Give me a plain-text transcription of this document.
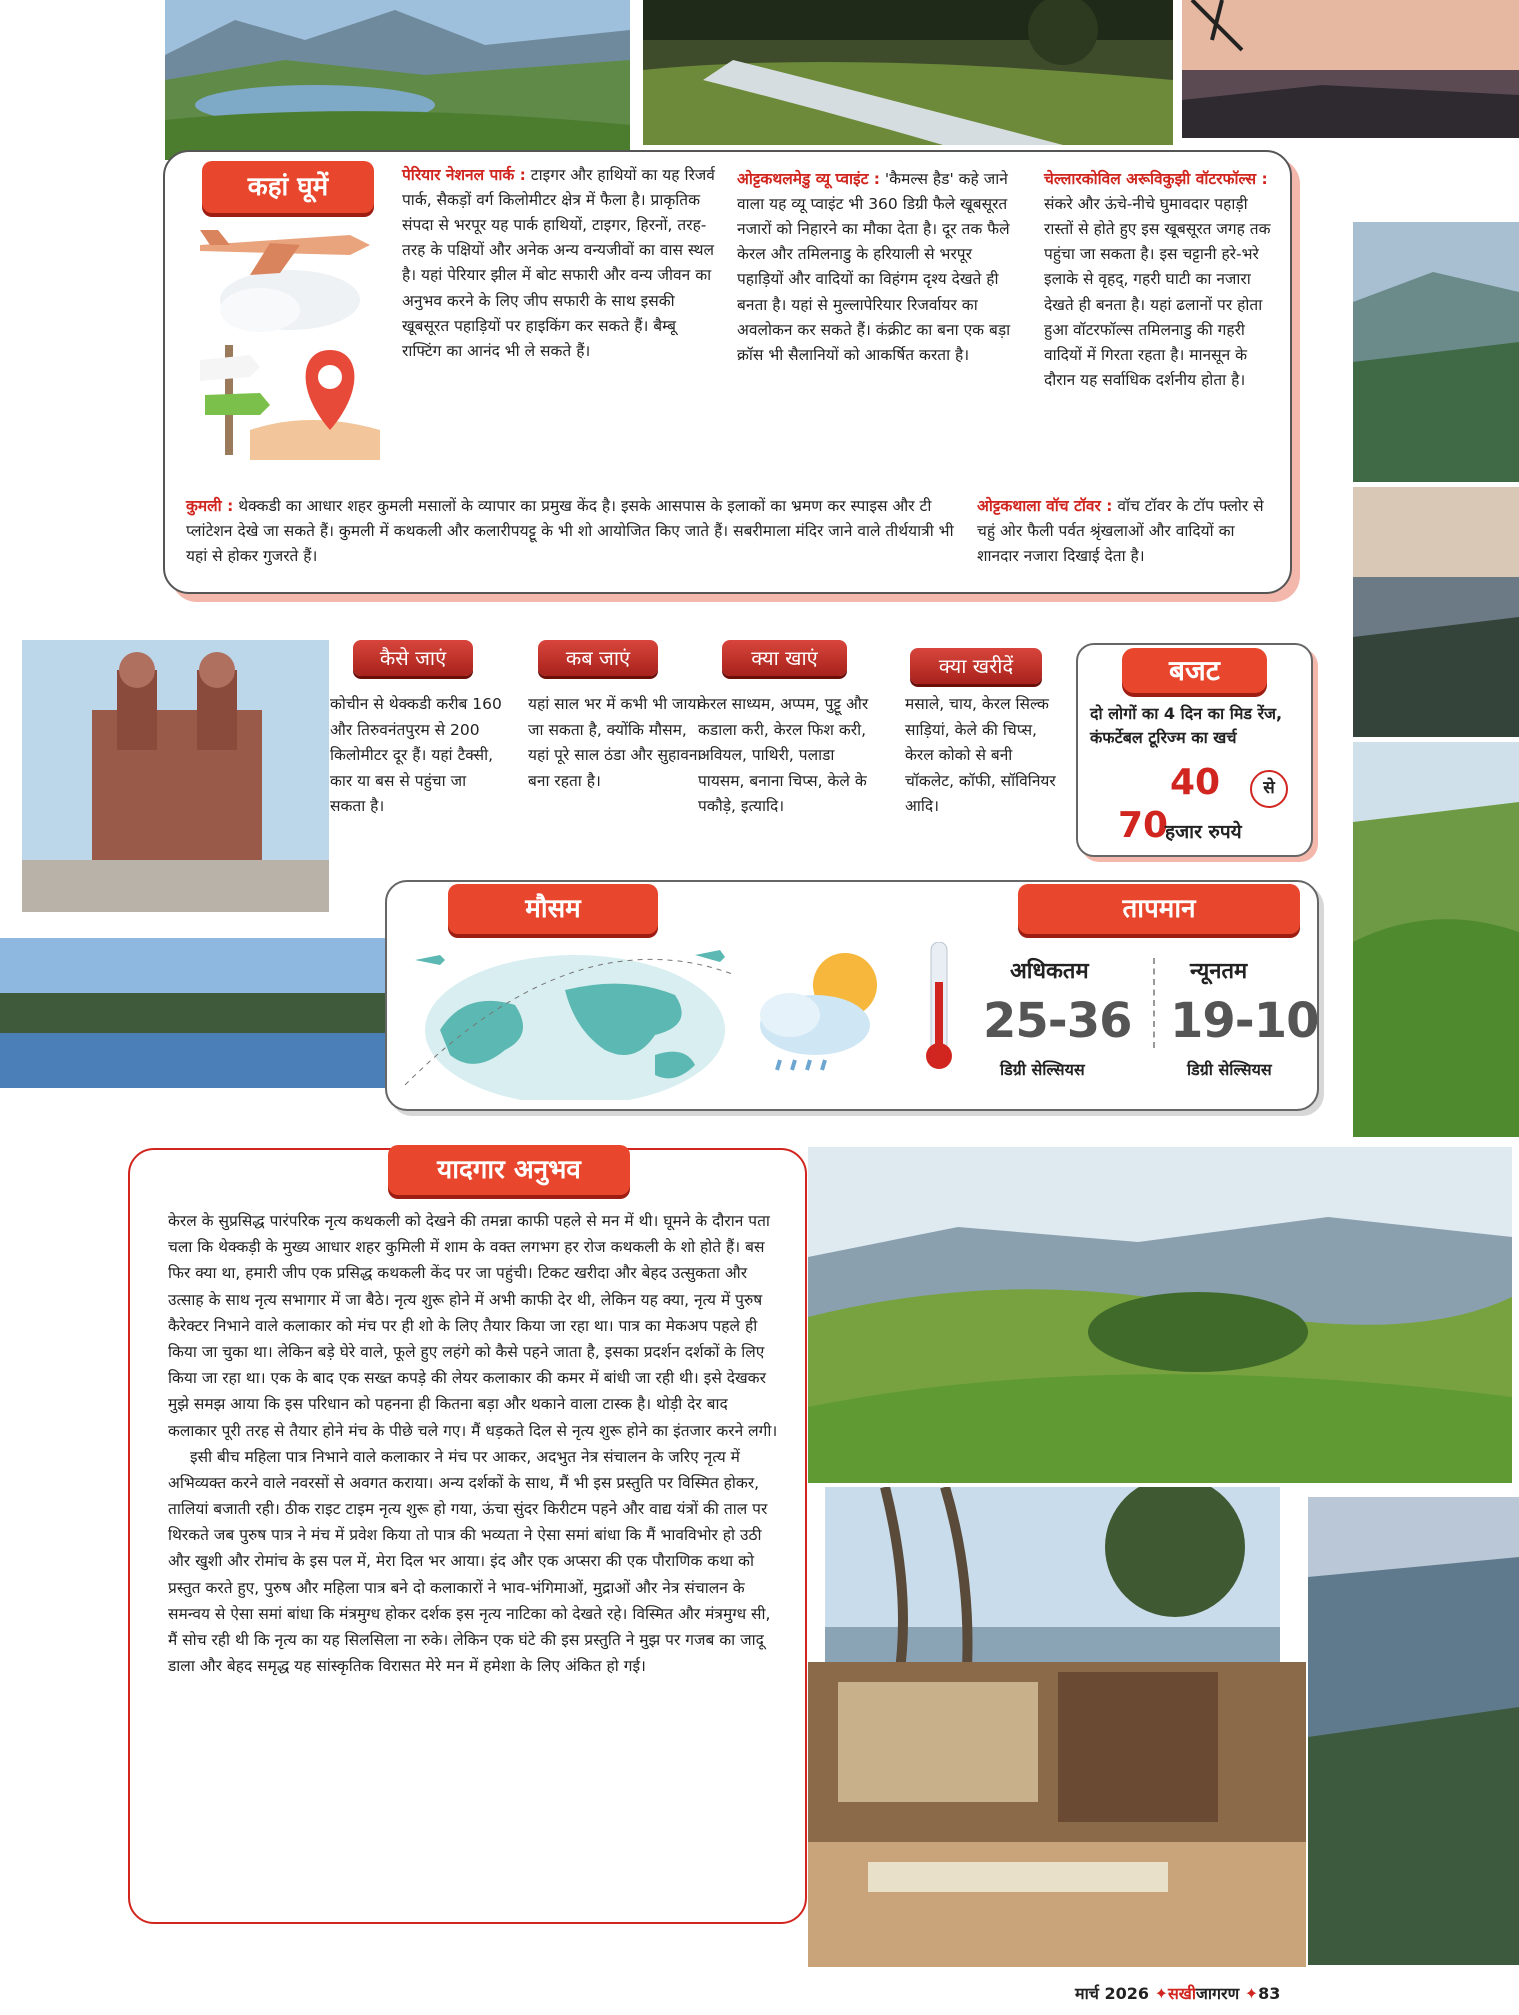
कहां घूमें	पेरियार नेशनल पार्क : टाइगर और हाथियों का यह रिजर्व पार्क, सैकड़ों वर्ग किलोमीटर क्षेत्र में फैला है। प्राकृतिक संपदा से भरपूर यह पार्क हाथियों, टाइगर, हिरनों, तरह-तरह के पक्षियों और अनेक अन्य वन्यजीवों का वास स्थल है। यहां पेरियार झील में बोट सफारी और वन्य जीवन का अनुभव करने के लिए जीप सफारी के साथ इसकी खूबसूरत पहाड़ियों पर हाइकिंग कर सकते हैं। बैम्बू राफ्टिंग का आनंद भी ले सकते हैं।
ओट्टकथलमेडु व्यू प्वाइंट : 'कैमल्स हैड' कहे जाने वाला यह व्यू प्वाइंट भी 360 डिग्री फैले खूबसूरत नजारों को निहारने का मौका देता है। दूर तक फैले केरल और तमिलनाडु के हरियाली से भरपूर पहाड़ियों और वादियों का विहंगम दृश्य देखते ही बनता है। यहां से मुल्लापेरियार रिजर्वायर का अवलोकन कर सकते हैं। कंक्रीट का बना एक बड़ा क्रॉस भी सैलानियों को आकर्षित करता है।
चेल्लारकोविल अरूविकुझी वॉटरफॉल्स : संकरे और ऊंचे-नीचे घुमावदार पहाड़ी रास्तों से होते हुए इस खूबसूरत जगह तक पहुंचा जा सकता है। इस चट्टानी हरे-भरे इलाके से वृहद्‌, गहरी घाटी का नजारा देखते ही बनता है। यहां ढलानों पर होता हुआ वॉटरफॉल्स तमिलनाडु की गहरी वादियों में गिरता रहता है। मानसून के दौरान यह सर्वाधिक दर्शनीय होता है।
कुमली : थेक्कडी का आधार शहर कुमली मसालों के व्यापार का प्रमुख केंद है। इसके आसपास के इलाकों का भ्रमण कर स्पाइस और टी प्लांटेशन देखे जा सकते हैं। कुमली में कथकली और कलारीपयट्टू के भी शो आयोजित किए जाते हैं। सबरीमाला मंदिर जाने वाले तीर्थयात्री भी यहां से होकर गुजरते हैं।
ओट्टकथाला वॉच टॉवर : वॉच टॉवर के टॉप फ्लोर से चहुं ओर फैली पर्वत श्रृंखलाओं और वादियों का शानदार नजारा दिखाई देता है।
कैसे जाएं
कोचीन से थेक्कडी करीब 160 और तिरुवनंतपुरम से 200 किलोमीटर दूर हैं। यहां टैक्सी, कार या बस से पहुंचा जा सकता है।
कब जाएं
यहां साल भर में कभी भी जाया जा सकता है, क्योंकि मौसम, यहां पूरे साल ठंडा और सुहावना बना रहता है।
क्या खाएं
केरल साध्यम, अप्पम, पुट्टू और कडाला करी, केरल फिश करी, अवियल, पाथिरी, पलाडा पायसम, बनाना चिप्स, केले के पकौड़े, इत्यादि।
क्या खरीदें
मसाले, चाय, केरल सिल्क साड़ियां, केले की चिप्स, केरल कोको से बनी चॉकलेट, कॉफी, सॉविनियर आदि।
बजट
दो लोगों का 4 दिन का मिड रेंज, कंफर्टेबल टूरिज्म का खर्च
40	से
70
हजार रुपये
मौसम	तापमान
अधिकतम
25-36
डिग्री सेल्सियस
न्यूनतम
19-10
डिग्री सेल्सियस
यादगार अनुभव
केरल के सुप्रसिद्ध पारंपरिक नृत्य कथकली को देखने की तमन्ना काफी पहले से मन में थी। घूमने के दौरान पता चला कि थेक्कड़ी के मुख्य आधार शहर कुमिली में शाम के वक्त लगभग हर रोज कथकली के शो होते हैं। बस फिर क्या था, हमारी जीप एक प्रसिद्ध कथकली केंद पर जा पहुंची। टिकट खरीदा और बेहद उत्सुकता और उत्साह के साथ नृत्य सभागार में जा बैठे। नृत्य शुरू होने में अभी काफी देर थी, लेकिन यह क्या, नृत्य में पुरुष कैरेक्टर निभाने वाले कलाकार को मंच पर ही शो के लिए तैयार किया जा रहा था। पात्र का मेकअप पहले ही किया जा चुका था। लेकिन बड़े घेरे वाले, फूले हुए लहंगे को कैसे पहने जाता है, इसका प्रदर्शन दर्शकों के लिए किया जा रहा था। एक के बाद एक सख्त कपड़े की लेयर कलाकार की कमर में बांधी जा रही थी। इसे देखकर मुझे समझ आया कि इस परिधान को पहनना ही कितना बड़ा और थकाने वाला टास्क है। थोड़ी देर बाद कलाकार पूरी तरह से तैयार होने मंच के पीछे चले गए। मैं धड़कते दिल से नृत्य शुरू होने का इंतजार करने लगी।
इसी बीच महिला पात्र निभाने वाले कलाकार ने मंच पर आकर, अदभुत नेत्र संचालन के जरिए नृत्य में अभिव्यक्त करने वाले नवरसों से अवगत कराया। अन्य दर्शकों के साथ, मैं भी इस प्रस्तुति पर विस्मित होकर, तालियां बजाती रही। ठीक राइट टाइम नृत्य शुरू हो गया, ऊंचा सुंदर किरीटम पहने और वाद्य यंत्रों की ताल पर थिरकते जब पुरुष पात्र ने मंच में प्रवेश किया तो पात्र की भव्यता ने ऐसा समां बांधा कि मैं भावविभोर हो उठी और खुशी और रोमांच के इस पल में, मेरा दिल भर आया। इंद और एक अप्सरा की एक पौराणिक कथा को प्रस्तुत करते हुए, पुरुष और महिला पात्र बने दो कलाकारों ने भाव-भंगिमाओं, मुद्राओं और नेत्र संचालन के समन्वय से ऐसा समां बांधा कि मंत्रमुग्ध होकर दर्शक इस नृत्य नाटिका को देखते रहे। विस्मित और मंत्रमुग्ध सी, मैं सोच रही थी कि नृत्य का यह सिलसिला ना रुके। लेकिन एक घंटे की इस प्रस्तुति ने मुझ पर गजब का जादू डाला और बेहद समृद्ध यह सांस्कृतिक विरासत मेरे मन में हमेशा के लिए अंकित हो गई।
मार्च 2026 ✦सखीजागरण ✦83
